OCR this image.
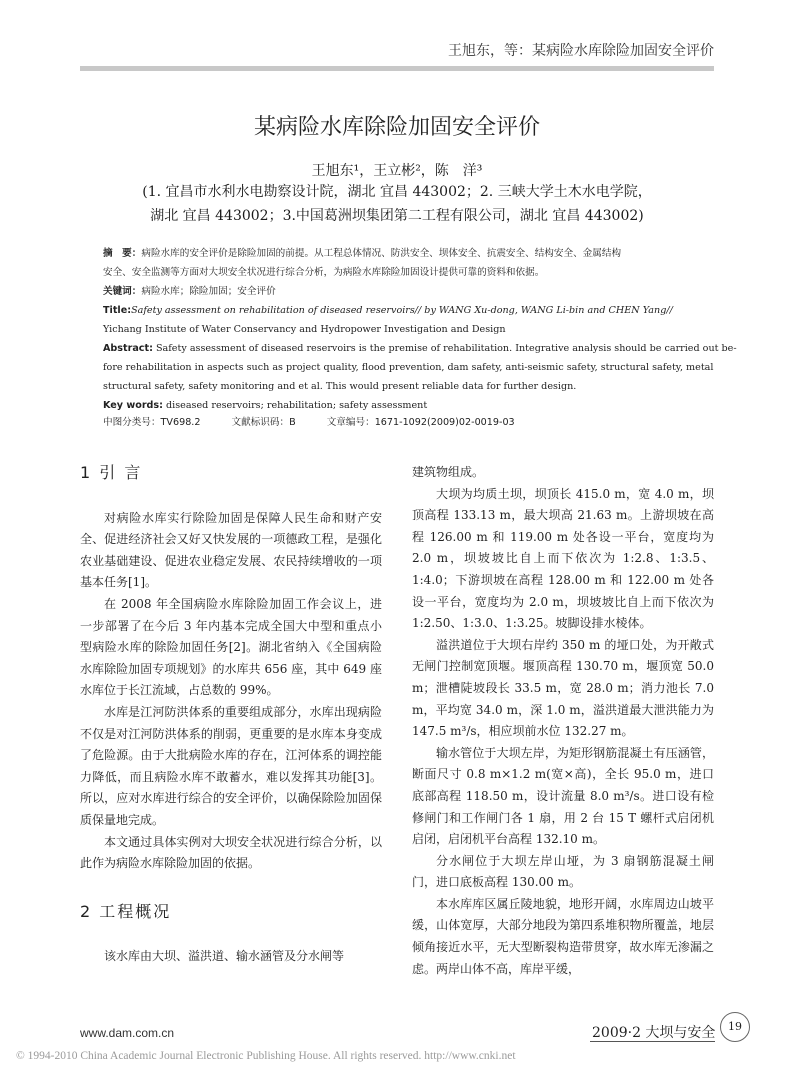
王旭东，等：某病险水库除险加固安全评价
某病险水库除险加固安全评价
王旭东¹，王立彬²，陈　洋³
(1. 宜昌市水利水电勘察设计院，湖北 宜昌 443002；2. 三峡大学土木水电学院，
湖北 宜昌 443002；3.中国葛洲坝集团第二工程有限公司，湖北 宜昌 443002)
摘　要：病险水库的安全评价是除险加固的前提。从工程总体情况、防洪安全、坝体安全、抗震安全、结构安全、金属结构
安全、安全监测等方面对大坝安全状况进行综合分析，为病险水库除险加固设计提供可靠的资料和依据。
关键词：病险水库；除险加固；安全评价
Title:Safety assessment on rehabilitation of diseased reservoirs// by WANG Xu-dong, WANG Li-bin and CHEN Yang//
Yichang Institute of Water Conservancy and Hydropower Investigation and Design
Abstract: Safety assessment of diseased reservoirs is the premise of rehabilitation. Integrative analysis should be carried out be-
fore rehabilitation in aspects such as project quality, flood prevention, dam safety, anti-seismic safety, structural safety, metal
structural safety, safety monitoring and et al. This would present reliable data for further design.
Key words: diseased reservoirs; rehabilitation; safety assessment
中图分类号：TV698.2	文献标识码：B	文章编号：1671-1092(2009)02-0019-03
1 引 言

对病险水库实行除险加固是保障人民生命和财产安全、促进经济社会又好又快发展的一项德政工程，是强化农业基础建设、促进农业稳定发展、农民持续增收的一项基本任务[1]。

在 2008 年全国病险水库除险加固工作会议上，进一步部署了在今后 3 年内基本完成全国大中型和重点小型病险水库的除险加固任务[2]。湖北省纳入《全国病险水库除险加固专项规划》的水库共 656 座，其中 649 座水库位于长江流域，占总数的 99%。

水库是江河防洪体系的重要组成部分，水库出现病险不仅是对江河防洪体系的削弱，更重要的是水库本身变成了危险源。由于大批病险水库的存在，江河体系的调控能力降低，而且病险水库不敢蓄水，难以发挥其功能[3]。所以，应对水库进行综合的安全评价，以确保除险加固保质保量地完成。

本文通过具体实例对大坝安全状况进行综合分析，以此作为病险水库除险加固的依据。

2 工程概况

该水库由大坝、溢洪道、输水涵管及分水闸等

建筑物组成。

大坝为均质土坝，坝顶长 415.0 m，宽 4.0 m，坝顶高程 133.13 m，最大坝高 21.63 m。上游坝坡在高程 126.00 m 和 119.00 m 处各设一平台，宽度均为 2.0 m，坝坡坡比自上而下依次为 1:2.8、1:3.5、1:4.0；下游坝坡在高程 128.00 m 和 122.00 m 处各设一平台，宽度均为 2.0 m，坝坡坡比自上而下依次为 1:2.50、1:3.0、1:3.25。坡脚设排水棱体。

溢洪道位于大坝右岸约 350 m 的垭口处，为开敞式无闸门控制宽顶堰。堰顶高程 130.70 m，堰顶宽 50.0 m；泄槽陡坡段长 33.5 m，宽 28.0 m；消力池长 7.0 m，平均宽 34.0 m，深 1.0 m，溢洪道最大泄洪能力为 147.5 m³/s，相应坝前水位 132.27 m。

输水管位于大坝左岸，为矩形钢筋混凝土有压涵管，断面尺寸 0.8 m×1.2 m(宽×高)，全长 95.0 m，进口底部高程 118.50 m，设计流量 8.0 m³/s。进口设有检修闸门和工作闸门各 1 扇，用 2 台 15 T 螺杆式启闭机启闭，启闭机平台高程 132.10 m。

分水闸位于大坝左岸山垭，为 3 扇钢筋混凝土闸门，进口底板高程 130.00 m。

本水库库区属丘陵地貌，地形开阔，水库周边山坡平缓，山体宽厚，大部分地段为第四系堆积物所覆盖，地层倾角接近水平，无大型断裂构造带贯穿，故水库无渗漏之虑。两岸山体不高，库岸平缓，

www.dam.com.cn	2009·2 大坝与安全	19
© 1994-2010 China Academic Journal Electronic Publishing House. All rights reserved. http://www.cnki.net
